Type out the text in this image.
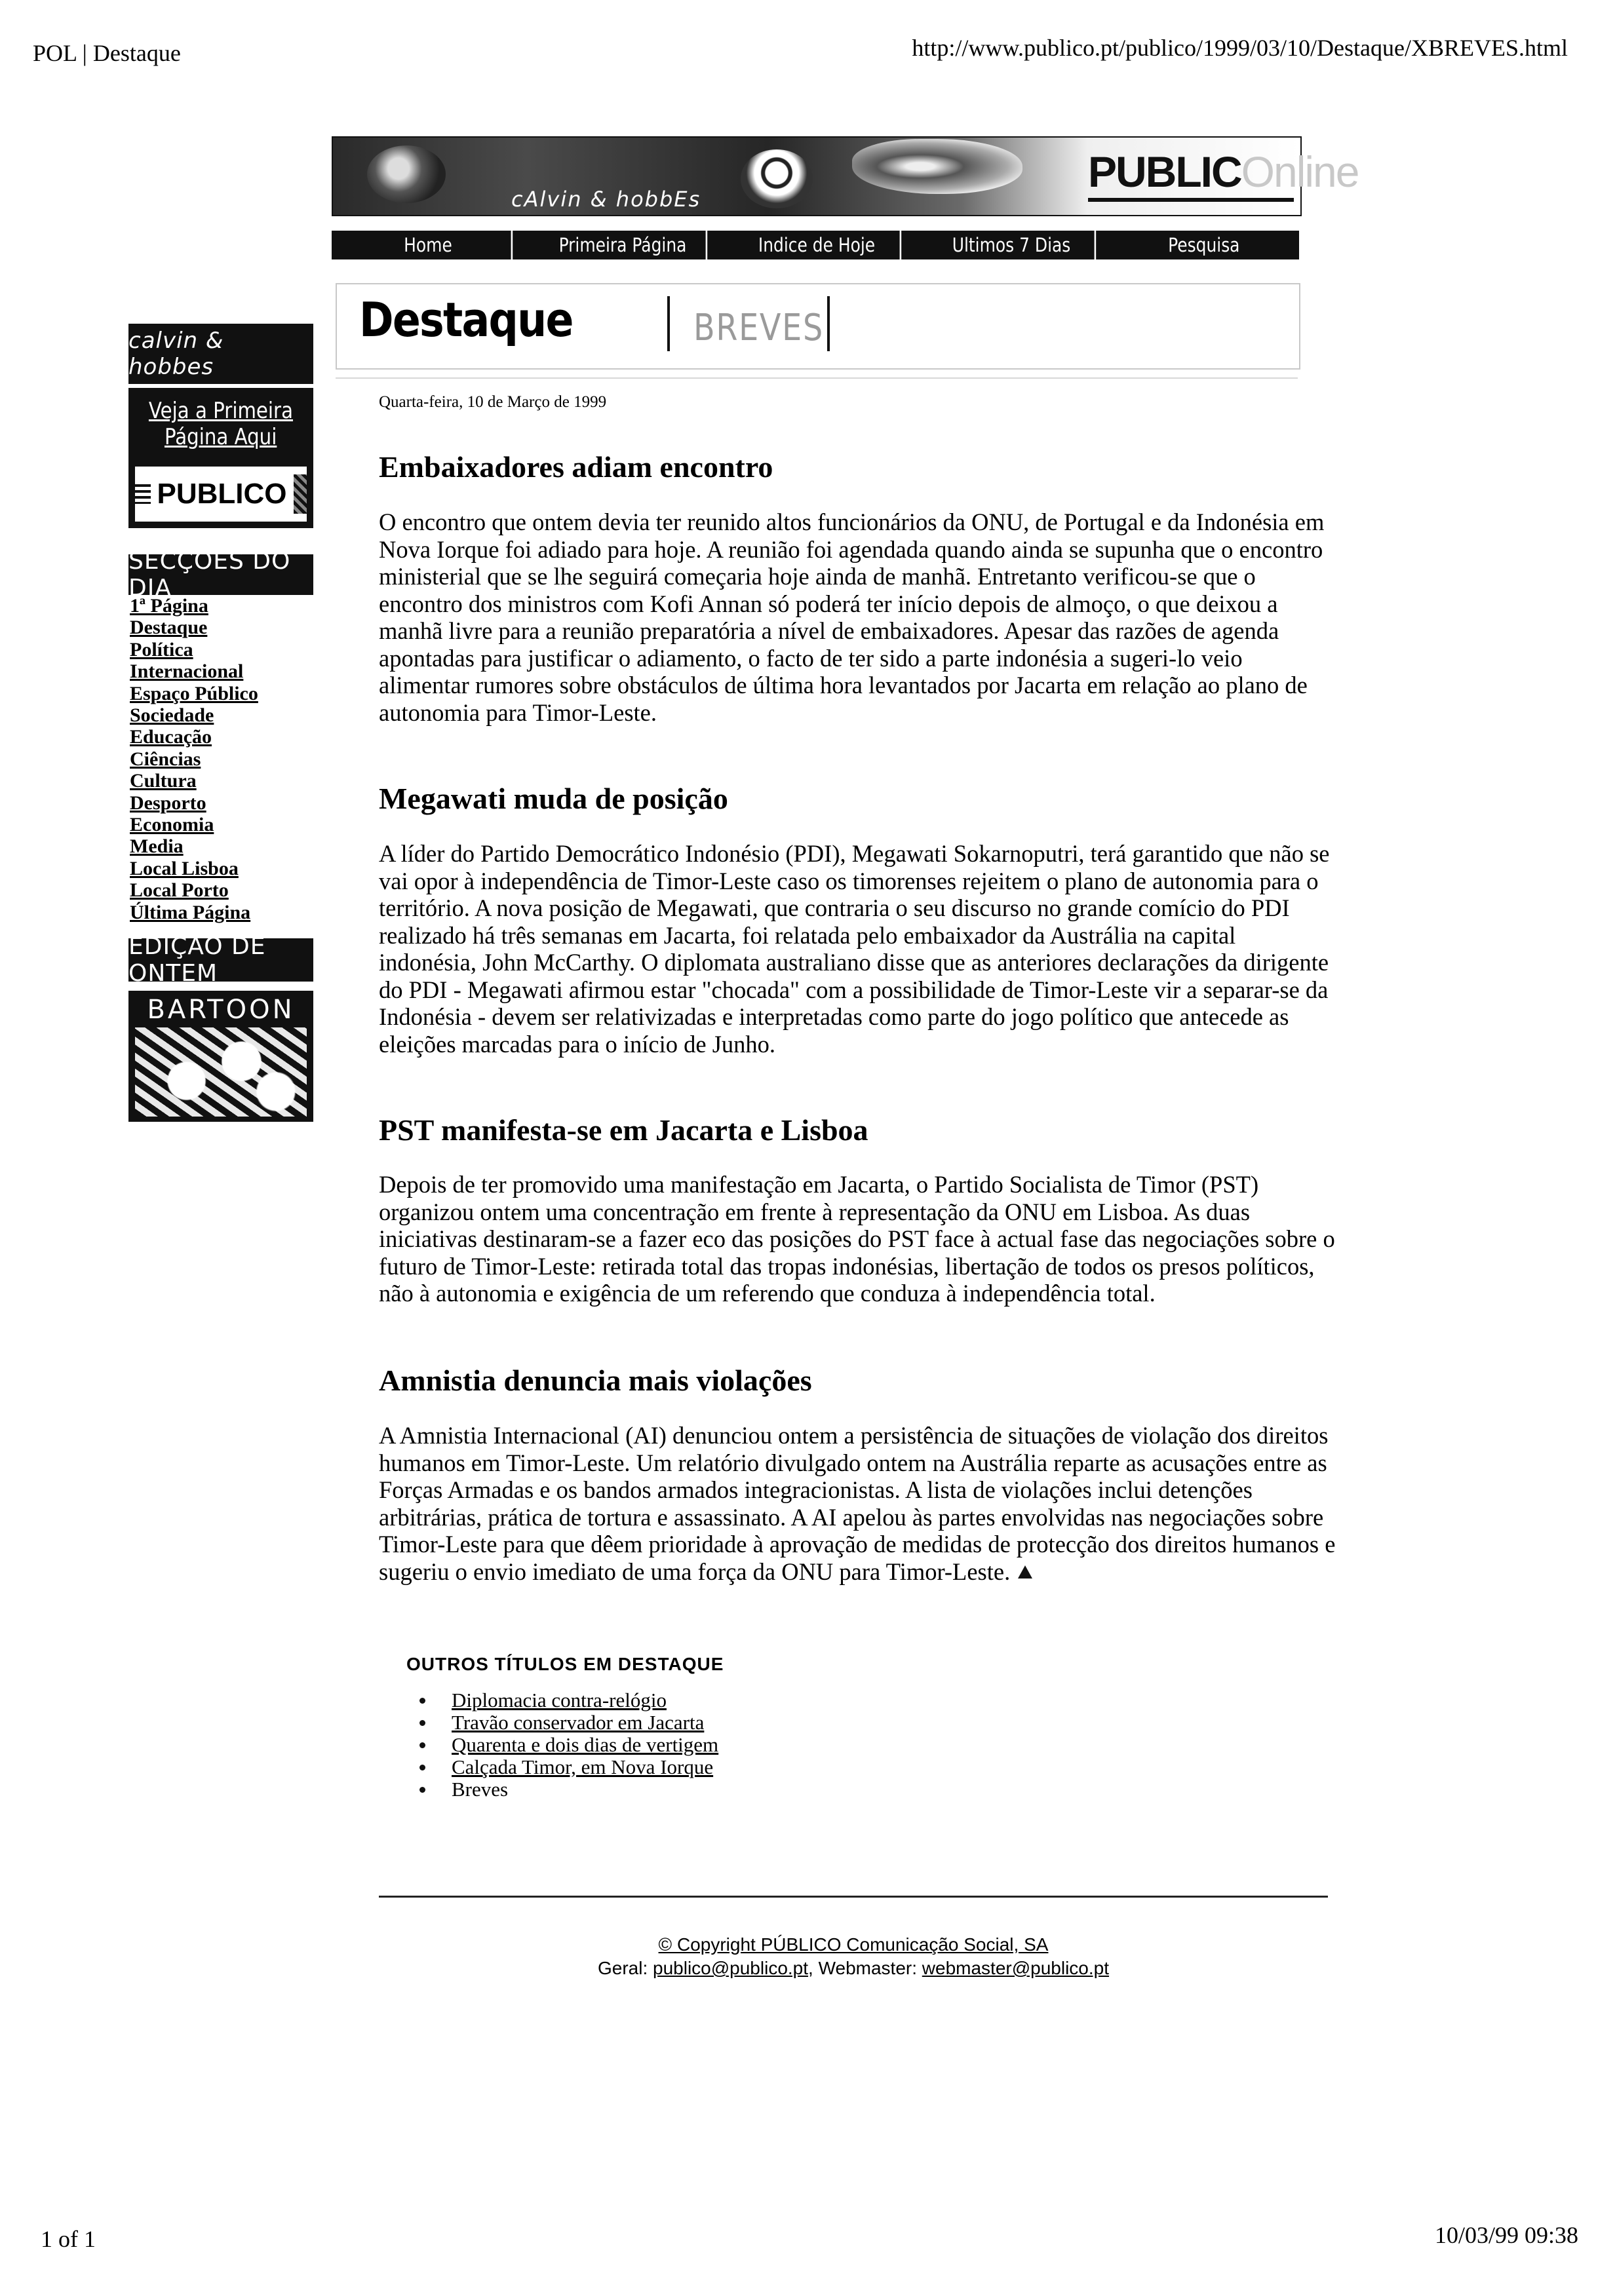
POL | Destaque	http://www.publico.pt/publico/1999/03/10/Destaque/XBREVES.html
cAlvin & hobbEs
PUBLICOnline
Home	Primeira Página	Indice de Hoje	Ultimos 7 Dias	Pesquisa
Destaque	BREVES
calvin & hobbes
Veja a Primeira
Página Aqui
PUBLICO
SECÇÕES DO DIA
1ª Página
Destaque
Política
Internacional
Espaço Público
Sociedade
Educação
Ciências
Cultura
Desporto
Economia
Media
Local Lisboa
Local Porto
Última Página
EDIÇÃO DE ONTEM
BARTOON
Quarta-feira, 10 de Março de 1999
Embaixadores adiam encontro
O encontro que ontem devia ter reunido altos funcionários da ONU, de Portugal e da Indonésia em Nova Iorque foi adiado para hoje. A reunião foi agendada quando ainda se supunha que o encontro ministerial que se lhe seguirá começaria hoje ainda de manhã. Entretanto verificou-se que o encontro dos ministros com Kofi Annan só poderá ter início depois de almoço, o que deixou a manhã livre para a reunião preparatória a nível de embaixadores. Apesar das razões de agenda apontadas para justificar o adiamento, o facto de ter sido a parte indonésia a sugeri-lo veio alimentar rumores sobre obstáculos de última hora levantados por Jacarta em relação ao plano de autonomia para Timor-Leste.
Megawati muda de posição
A líder do Partido Democrático Indonésio (PDI), Megawati Sokarnoputri, terá garantido que não se vai opor à independência de Timor-Leste caso os timorenses rejeitem o plano de autonomia para o território. A nova posição de Megawati, que contraria o seu discurso no grande comício do PDI realizado há três semanas em Jacarta, foi relatada pelo embaixador da Austrália na capital indonésia, John McCarthy. O diplomata australiano disse que as anteriores declarações da dirigente do PDI - Megawati afirmou estar "chocada" com a possibilidade de Timor-Leste vir a separar-se da Indonésia - devem ser relativizadas e interpretadas como parte do jogo político que antecede as eleições marcadas para o início de Junho.
PST manifesta-se em Jacarta e Lisboa
Depois de ter promovido uma manifestação em Jacarta, o Partido Socialista de Timor (PST) organizou ontem uma concentração em frente à representação da ONU em Lisboa. As duas iniciativas destinaram-se a fazer eco das posições do PST face à actual fase das negociações sobre o futuro de Timor-Leste: retirada total das tropas indonésias, libertação de todos os presos políticos, não à autonomia e exigência de um referendo que conduza à independência total.
Amnistia denuncia mais violações
A Amnistia Internacional (AI) denunciou ontem a persistência de situações de violação dos direitos humanos em Timor-Leste. Um relatório divulgado ontem na Austrália reparte as acusações entre as Forças Armadas e os bandos armados integracionistas. A lista de violações inclui detenções arbitrárias, prática de tortura e assassinato. A AI apelou às partes envolvidas nas negociações sobre Timor-Leste para que dêem prioridade à aprovação de medidas de protecção dos direitos humanos e sugeriu o envio imediato de uma força da ONU para Timor-Leste.
OUTROS TÍTULOS EM DESTAQUE
Diplomacia contra-relógio
Travão conservador em Jacarta
Quarenta e dois dias de vertigem
Calçada Timor, em Nova Iorque
Breves
© Copyright PÚBLICO Comunicação Social, SA
Geral: publico@publico.pt, Webmaster: webmaster@publico.pt
1 of 1	10/03/99 09:38
